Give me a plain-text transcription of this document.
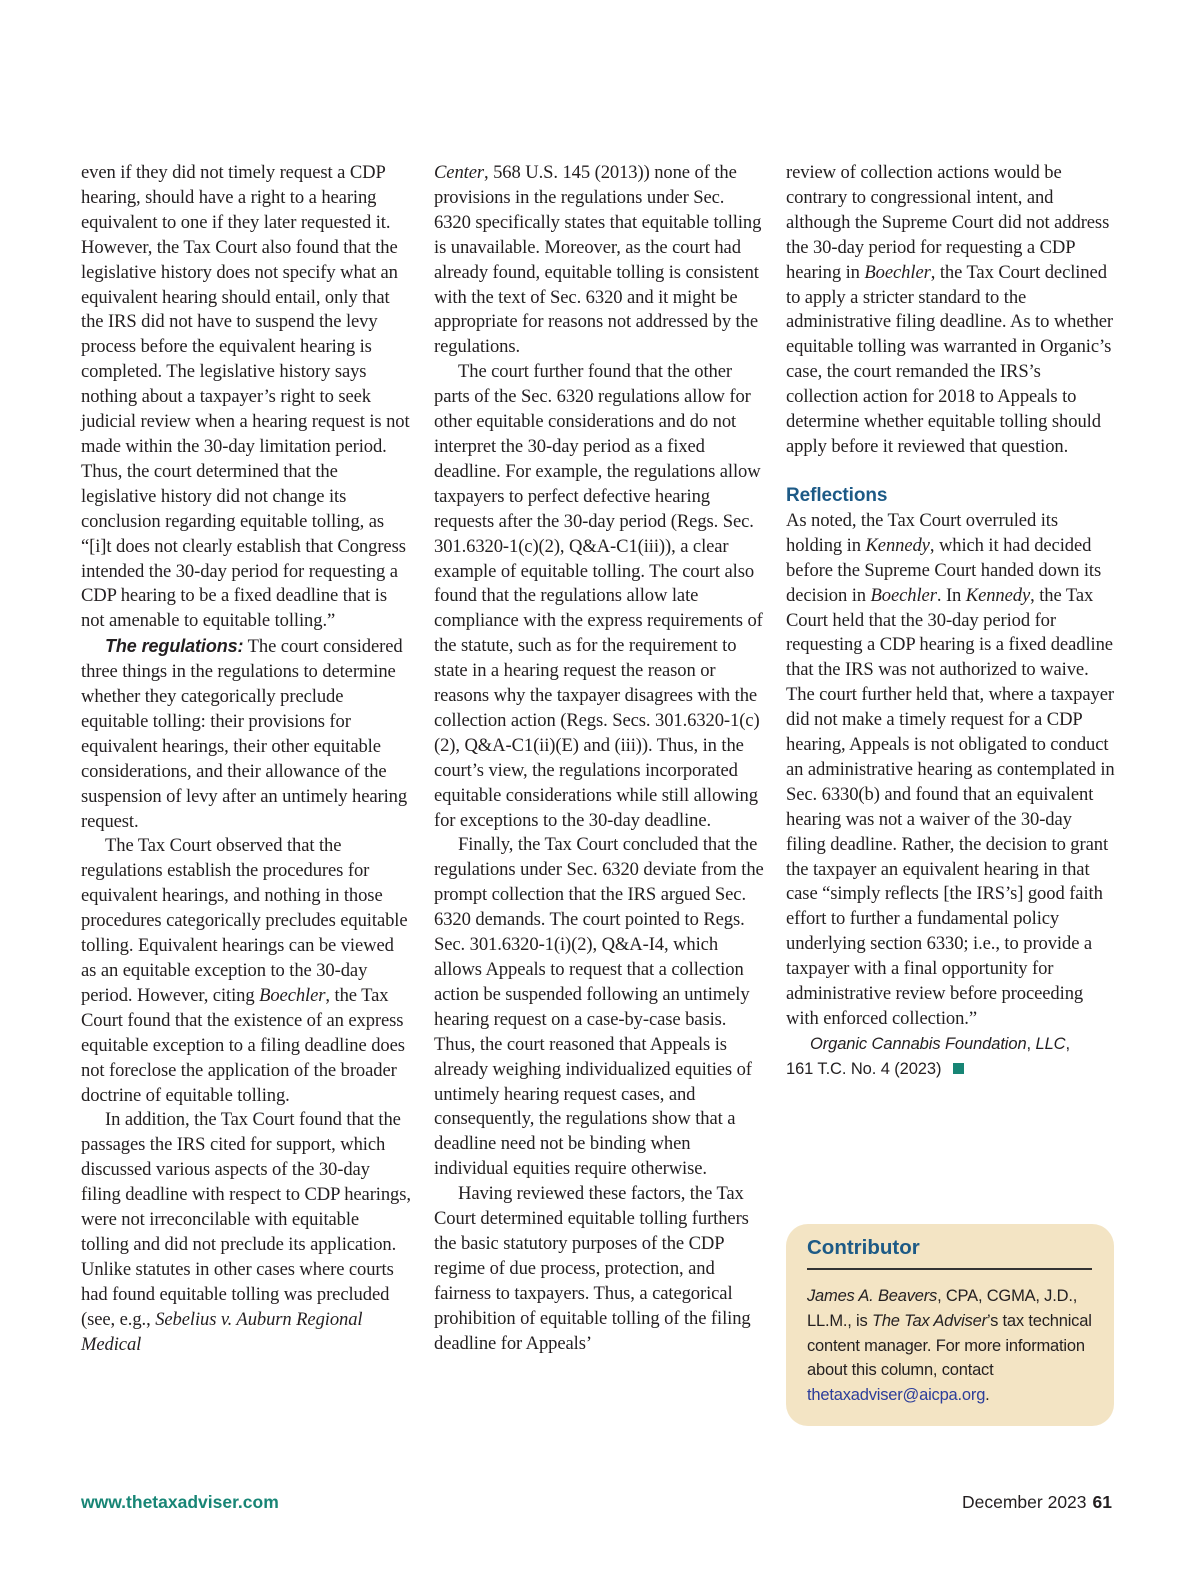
even if they did not timely request a CDP hearing, should have a right to a hearing equivalent to one if they later requested it. However, the Tax Court also found that the legislative history does not specify what an equivalent hearing should entail, only that the IRS did not have to suspend the levy process before the equivalent hearing is completed. The legislative history says nothing about a taxpayer’s right to seek judicial review when a hearing request is not made within the 30-day limitation period. Thus, the court determined that the legislative history did not change its conclusion regarding equitable tolling, as “[i]t does not clearly establish that Congress intended the 30-day period for requesting a CDP hearing to be a fixed deadline that is not amenable to equitable tolling.”

The regulations: The court considered three things in the regulations to determine whether they categorically preclude equitable tolling: their provisions for equivalent hearings, their other equitable considerations, and their allowance of the suspension of levy after an untimely hearing request.

The Tax Court observed that the regulations establish the procedures for equivalent hearings, and nothing in those procedures categorically precludes equitable tolling. Equivalent hearings can be viewed as an equitable exception to the 30-day period. However, citing Boechler, the Tax Court found that the existence of an express equitable exception to a filing deadline does not foreclose the application of the broader doctrine of equitable tolling.

In addition, the Tax Court found that the passages the IRS cited for support, which discussed various aspects of the 30-day filing deadline with respect to CDP hearings, were not irreconcilable with equitable tolling and did not preclude its application. Unlike statutes in other cases where courts had found equitable tolling was precluded (see, e.g., Sebelius v. Auburn Regional Medical

Center, 568 U.S. 145 (2013)) none of the provisions in the regulations under Sec. 6320 specifically states that equitable tolling is unavailable. Moreover, as the court had already found, equitable tolling is consistent with the text of Sec. 6320 and it might be appropriate for reasons not addressed by the regulations.

The court further found that the other parts of the Sec. 6320 regulations allow for other equitable considerations and do not interpret the 30-day period as a fixed deadline. For example, the regulations allow taxpayers to perfect defective hearing requests after the 30-day period (Regs. Sec. 301.6320-1(c)(2), Q&A-C1(iii)), a clear example of equitable tolling. The court also found that the regulations allow late compliance with the express requirements of the statute, such as for the requirement to state in a hearing request the reason or reasons why the taxpayer disagrees with the collection action (Regs. Secs. 301.6320-1(c)(2), Q&A-C1(ii)(E) and (iii)). Thus, in the court’s view, the regulations incorporated equitable considerations while still allowing for exceptions to the 30-day deadline.

Finally, the Tax Court concluded that the regulations under Sec. 6320 deviate from the prompt collection that the IRS argued Sec. 6320 demands. The court pointed to Regs. Sec. 301.6320-1(i)(2), Q&A-I4, which allows Appeals to request that a collection action be suspended following an untimely hearing request on a case-by-case basis. Thus, the court reasoned that Appeals is already weighing individualized equities of untimely hearing request cases, and consequently, the regulations show that a deadline need not be binding when individual equities require otherwise.

Having reviewed these factors, the Tax Court determined equitable tolling furthers the basic statutory purposes of the CDP regime of due process, protection, and fairness to taxpayers. Thus, a categorical prohibition of equitable tolling of the filing deadline for Appeals’

review of collection actions would be contrary to congressional intent, and although the Supreme Court did not address the 30-day period for requesting a CDP hearing in Boechler, the Tax Court declined to apply a stricter standard to the administrative filing deadline. As to whether equitable tolling was warranted in Organic’s case, the court remanded the IRS’s collection action for 2018 to Appeals to determine whether equitable tolling should apply before it reviewed that question.

Reflections

As noted, the Tax Court overruled its holding in Kennedy, which it had decided before the Supreme Court handed down its decision in Boechler. In Kennedy, the Tax Court held that the 30-day period for requesting a CDP hearing is a fixed deadline that the IRS was not authorized to waive. The court further held that, where a taxpayer did not make a timely request for a CDP hearing, Appeals is not obligated to conduct an administrative hearing as contemplated in Sec. 6330(b) and found that an equivalent hearing was not a waiver of the 30-day filing deadline. Rather, the decision to grant the taxpayer an equivalent hearing in that case “simply reflects [the IRS’s] good faith effort to further a fundamental policy underlying section 6330; i.e., to provide a taxpayer with a final opportunity for administrative review before proceeding with enforced collection.”

Organic Cannabis Foundation, LLC,
161 T.C. No. 4 (2023)
Contributor
James A. Beavers, CPA, CGMA, J.D., LL.M., is The Tax Adviser’s tax technical content manager. For more information about this column, contact thetaxadviser@aicpa.org.
www.thetaxadviser.com	December 2023 61
